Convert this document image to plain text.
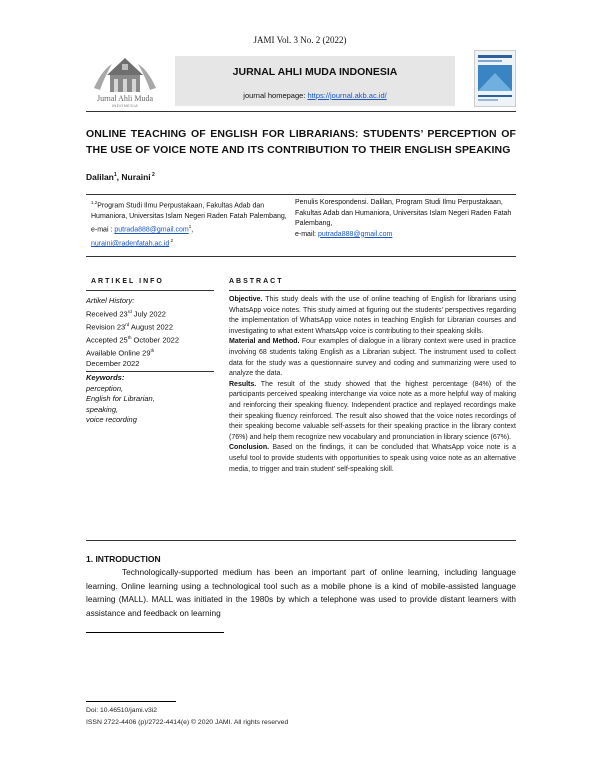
JAMI Vol. 3 No. 2 (2022)
Jurnal Ahli Muda
INDONESIA
JURNAL AHLI MUDA INDONESIA
journal homepage: https://journal.akb.ac.id/
ONLINE TEACHING OF ENGLISH FOR LIBRARIANS: STUDENTS’ PERCEPTION OF THE USE OF VOICE NOTE AND ITS CONTRIBUTION TO THEIR ENGLISH SPEAKING
Dalilan$^1$, Nuraini $^2$
$^{1,2}$Program Studi Ilmu Perpustakaan, Fakultas Adab dan Humaniora, Universitas Islam Negeri Raden Fatah Palembang,
e-mai : putrada888@gmail.com$^1$,
nuraini@radenfatah.ac.id $^2$
Penulis Korespondensi. Dalilan, Program Studi Ilmu Perpustakaan, Fakultas Adab dan Humaniora, Universitas Islam Negeri Raden Fatah Palembang,
e-mail: putrada888@gmail.com
ARTIKEL INFO	ABSTRACT
Artikel History:
Received 23rd July 2022
Revision 23rd August 2022
Accepted 25th October 2022
Available Online 29th
December 2022
Keywords:
perception,
English for Librarian,
speaking,
voice recording
Objective. This study deals with the use of online teaching of English for librarians using WhatsApp voice notes. This study aimed at figuring out the students’ perspectives regarding the implementation of WhatsApp voice notes in teaching English for Librarian courses and investigating to what extent WhatsApp voice is contributing to their speaking skills.
Material and Method. Four examples of dialogue in a library context were used in practice involving 68 students taking English as a Librarian subject. The instrument used to collect data for the study was a questionnaire survey and coding and summarizing were used to analyze the data.
Results. The result of the study showed that the highest percentage (84%) of the participants perceived speaking interchange via voice note as a more helpful way of making and reinforcing their speaking fluency. Independent practice and replayed recordings make their speaking fluency reinforced. The result also showed that the voice notes recordings of their speaking become valuable self-assets for their speaking practice in the library context (76%) and help them recognize new vocabulary and pronunciation in library science (67%).
Conclusion. Based on the findings, it can be concluded that WhatsApp voice note is a useful tool to provide students with opportunities to speak using voice note as an alternative media, to trigger and train student’ self-speaking skill.
1. INTRODUCTION
Technologically-supported medium has been an important part of online learning, including language learning. Online learning using a technological tool such as a mobile phone is a kind of mobile-assisted language learning (MALL). MALL was initiated in the 1980s by which a telephone was used to provide distant learners with assistance and feedback on learning
Doi: 10.46510/jami.v3i2
ISSN 2722-4406 (p)/2722-4414(e) © 2020 JAMI. All rights reserved
